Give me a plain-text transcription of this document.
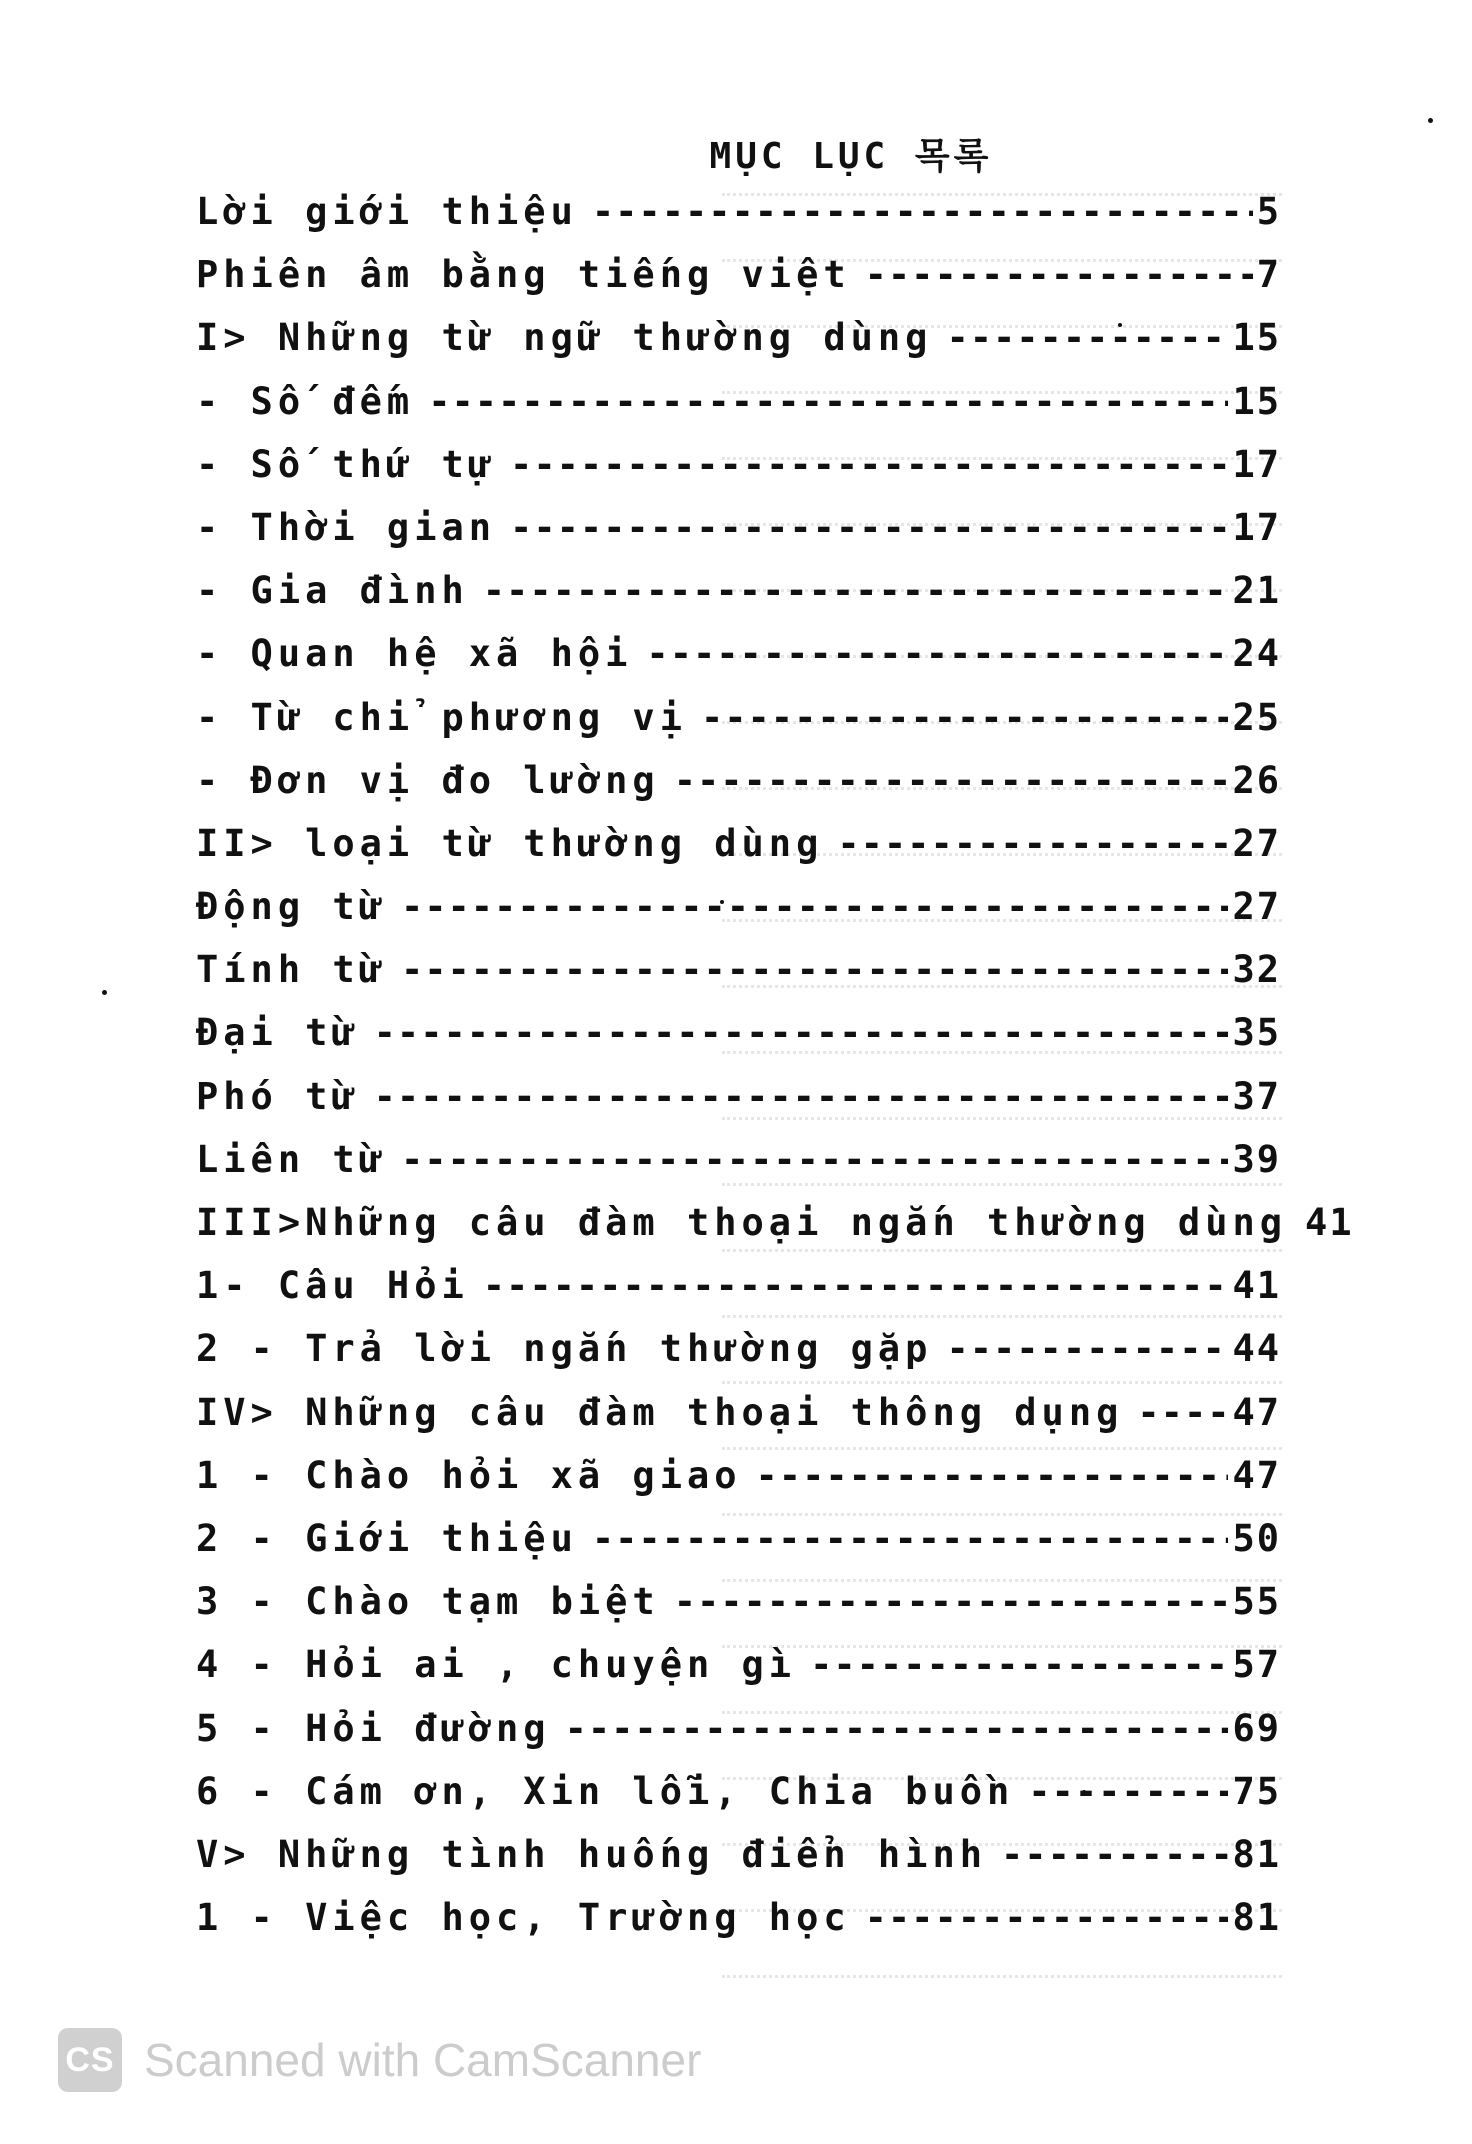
MỤC LỤC 목록
Lời giới thiệu -----	5
Phiên âm bằng tiếng việt -----	7
I> Những từ ngữ thường dùng -----	15
- Số đếm -----	15
- Số thứ tự -----	17
- Thời gian -----	17
- Gia đình -----	21
- Quan hệ xã hội -----	24
- Từ chỉ phương vị -----	25
- Đơn vị đo lường -----	26
II> loại từ thường dùng -----	27
Động từ -----	27
Tính từ -----	32
Đại từ -----	35
Phó từ -----	37
Liên từ -----	39
III>Những câu đàm thoại ngắn thường dùng 41
1- Câu Hỏi -----	41
2 - Trả lời ngắn thường gặp -----	44
IV> Những câu đàm thoại thông dụng -----	47
1 - Chào hỏi xã giao -----	47
2 - Giới thiệu -----	50
3 - Chào tạm biệt -----	55
4 - Hỏi ai , chuyện gì -----	57
5 - Hỏi đường -----	69
6 - Cám ơn, Xin lỗi, Chia buồn -----	75
V> Những tình huống điển hình -----	81
1 - Việc học, Trường học -----	81
CS Scanned with CamScanner
